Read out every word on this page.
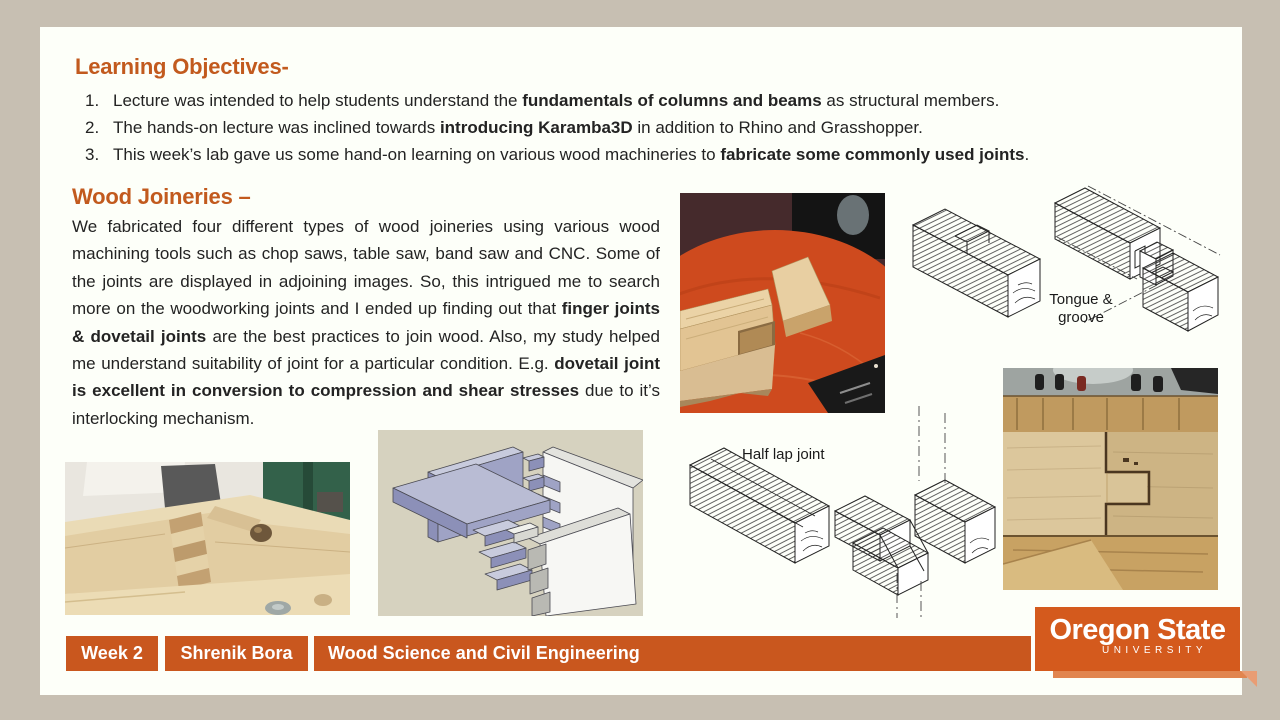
Learning Objectives-
1. Lecture was intended to help students understand the fundamentals of columns and beams as structural members.
2. The hands-on lecture was inclined towards introducing Karamba3D in addition to Rhino and Grasshopper.
3. This week’s lab gave us some hand-on learning on various wood machineries to fabricate some commonly used joints.
Wood Joineries –
We fabricated four different types of wood joineries using various wood machining tools such as chop saws, table saw, band saw and CNC. Some of the joints are displayed in adjoining images. So, this intrigued me to search more on the woodworking joints and I ended up finding out that finger joints & dovetail joints are the best practices to join wood. Also, my study helped me understand suitability of joint for a particular condition. E.g. dovetail joint is excellent in conversion to compression and shear stresses due to it’s interlocking mechanism.
Tongue & groove
Half lap joint
Week 2	Shrenik Bora	Wood Science and Civil Engineering
Oregon State
UNIVERSITY
